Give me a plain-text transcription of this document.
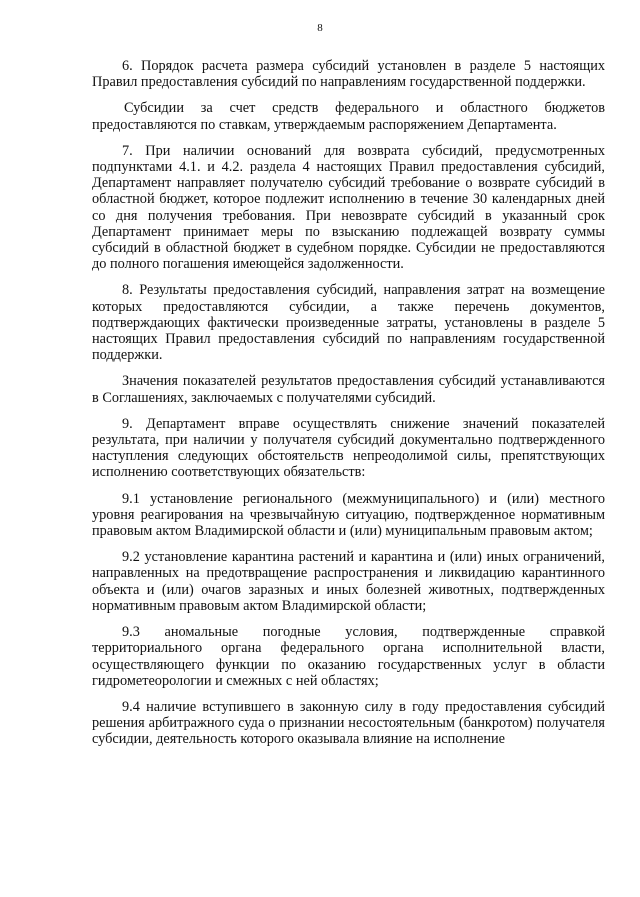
8

6. Порядок расчета размера субсидий установлен в разделе 5 настоящих Правил предоставления субсидий по направлениям государственной поддержки.

Субсидии за счет средств федерального и областного бюджетов предоставляются по ставкам, утверждаемым распоряжением Департамента.

7. При наличии оснований для возврата субсидий, предусмотренных подпунктами 4.1. и 4.2. раздела 4 настоящих Правил предоставления субсидий, Департамент направляет получателю субсидий требование о возврате субсидий в областной бюджет, которое подлежит исполнению в течение 30 календарных дней со дня получения требования. При невозврате субсидий в указанный срок Департамент принимает меры по взысканию подлежащей возврату суммы субсидий в областной бюджет в судебном порядке. Субсидии не предоставляются до полного погашения имеющейся задолженности.

8. Результаты предоставления субсидий, направления затрат на возмещение которых предоставляются субсидии, а также перечень документов, подтверждающих фактически произведенные затраты, установлены в разделе 5 настоящих Правил предоставления субсидий по направлениям государственной поддержки.

Значения показателей результатов предоставления субсидий устанавливаются в Соглашениях, заключаемых с получателями субсидий.

9. Департамент вправе осуществлять снижение значений показателей результата, при наличии у получателя субсидий документально подтвержденного наступления следующих обстоятельств непреодолимой силы, препятствующих исполнению соответствующих обязательств:

9.1 установление регионального (межмуниципального) и (или) местного уровня реагирования на чрезвычайную ситуацию, подтвержденное нормативным правовым актом Владимирской области и (или) муниципальным правовым актом;

9.2 установление карантина растений и карантина и (или) иных ограничений, направленных на предотвращение распространения и ликвидацию карантинного объекта и (или) очагов заразных и иных болезней животных, подтвержденных нормативным правовым актом Владимирской области;

9.3 аномальные погодные условия, подтвержденные справкой территориального органа федерального органа исполнительной власти, осуществляющего функции по оказанию государственных услуг в области гидрометеорологии и смежных с ней областях;

9.4 наличие вступившего в законную силу в году предоставления субсидий решения арбитражного суда о признании несостоятельным (банкротом) получателя субсидии, деятельность которого оказывала влияние на исполнение
